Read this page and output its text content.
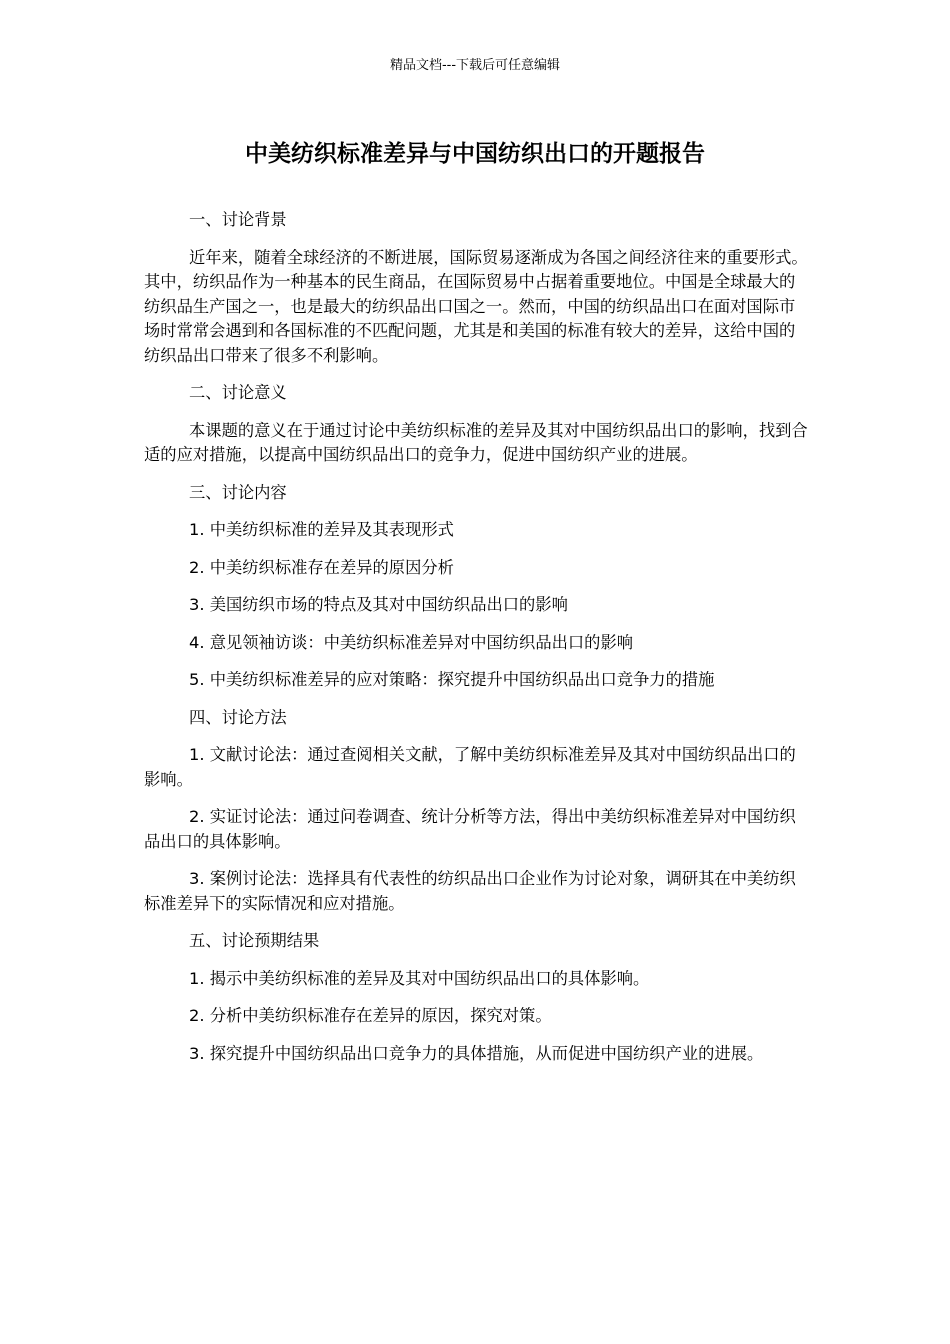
精品文档---下载后可任意编辑
中美纺织标准差异与中国纺织出口的开题报告

一、讨论背景

近年来，随着全球经济的不断进展，国际贸易逐渐成为各国之间经济往来的重要形式。其中，纺织品作为一种基本的民生商品，在国际贸易中占据着重要地位。中国是全球最大的纺织品生产国之一，也是最大的纺织品出口国之一。然而，中国的纺织品出口在面对国际市场时常常会遇到和各国标准的不匹配问题，尤其是和美国的标准有较大的差异，这给中国的纺织品出口带来了很多不利影响。

二、讨论意义

本课题的意义在于通过讨论中美纺织标准的差异及其对中国纺织品出口的影响，找到合适的应对措施，以提高中国纺织品出口的竞争力，促进中国纺织产业的进展。

三、讨论内容

1. 中美纺织标准的差异及其表现形式

2. 中美纺织标准存在差异的原因分析

3. 美国纺织市场的特点及其对中国纺织品出口的影响

4. 意见领袖访谈：中美纺织标准差异对中国纺织品出口的影响

5. 中美纺织标准差异的应对策略：探究提升中国纺织品出口竞争力的措施

四、讨论方法

1. 文献讨论法：通过查阅相关文献，了解中美纺织标准差异及其对中国纺织品出口的影响。

2. 实证讨论法：通过问卷调查、统计分析等方法，得出中美纺织标准差异对中国纺织品出口的具体影响。

3. 案例讨论法：选择具有代表性的纺织品出口企业作为讨论对象，调研其在中美纺织标准差异下的实际情况和应对措施。

五、讨论预期结果

1. 揭示中美纺织标准的差异及其对中国纺织品出口的具体影响。

2. 分析中美纺织标准存在差异的原因，探究对策。

3. 探究提升中国纺织品出口竞争力的具体措施，从而促进中国纺织产业的进展。
